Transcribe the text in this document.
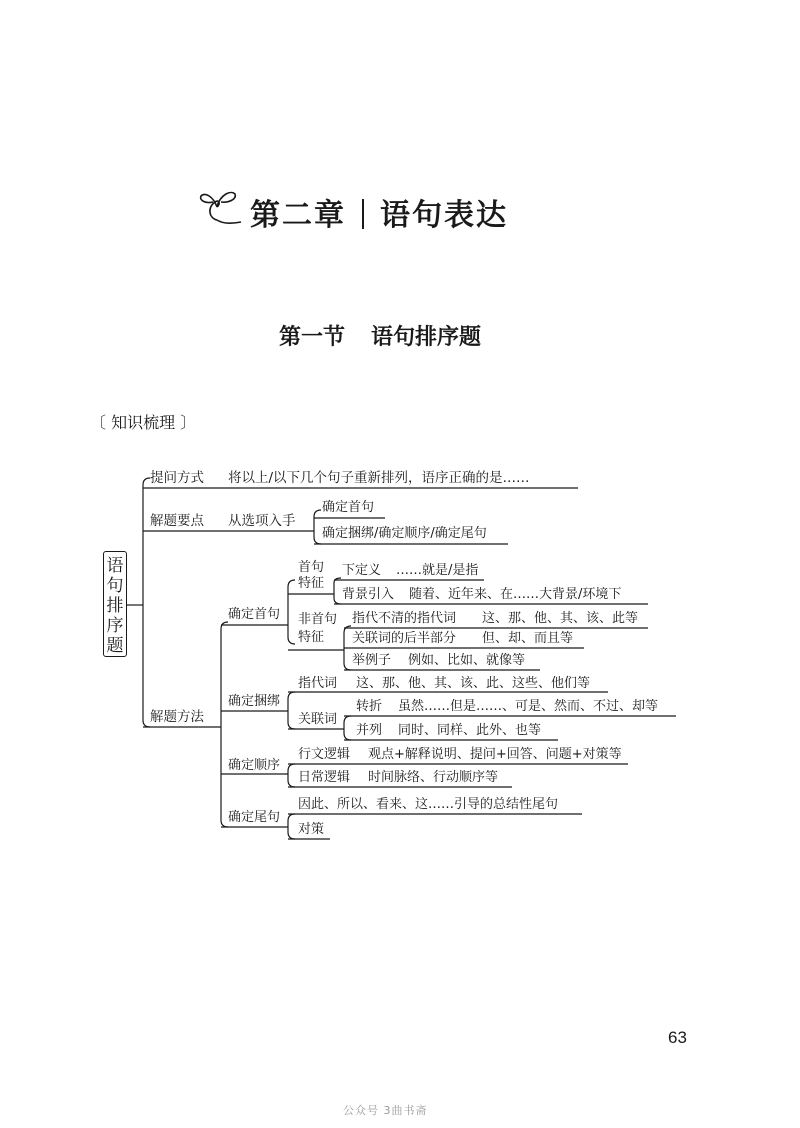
第二章 语句表达
第一节 语句排序题
〔 知识梳理 〕
语
句
排
序
题
提问方式 将以上/以下几个句子重新排列，语序正确的是……
解题要点 从选项入手
确定首句
确定捆绑/确定顺序/确定尾句
解题方法
确定首句
首句
特征
下定义 ……就是/是指
背景引入 随着、近年来、在……大背景/环境下
非首句
特征
指代不清的指代词 这、那、他、其、该、此等
关联词的后半部分 但、却、而且等
举例子 例如、比如、就像等
确定捆绑
指代词 这、那、他、其、该、此、这些、他们等
关联词
转折 虽然……但是……、可是、然而、不过、却等
并列 同时、同样、此外、也等
确定顺序
行文逻辑 观点+解释说明、提问+回答、问题+对策等
日常逻辑 时间脉络、行动顺序等
确定尾句
因此、所以、看来、这……引导的总结性尾句
对策
63
公众号 3曲书斋
